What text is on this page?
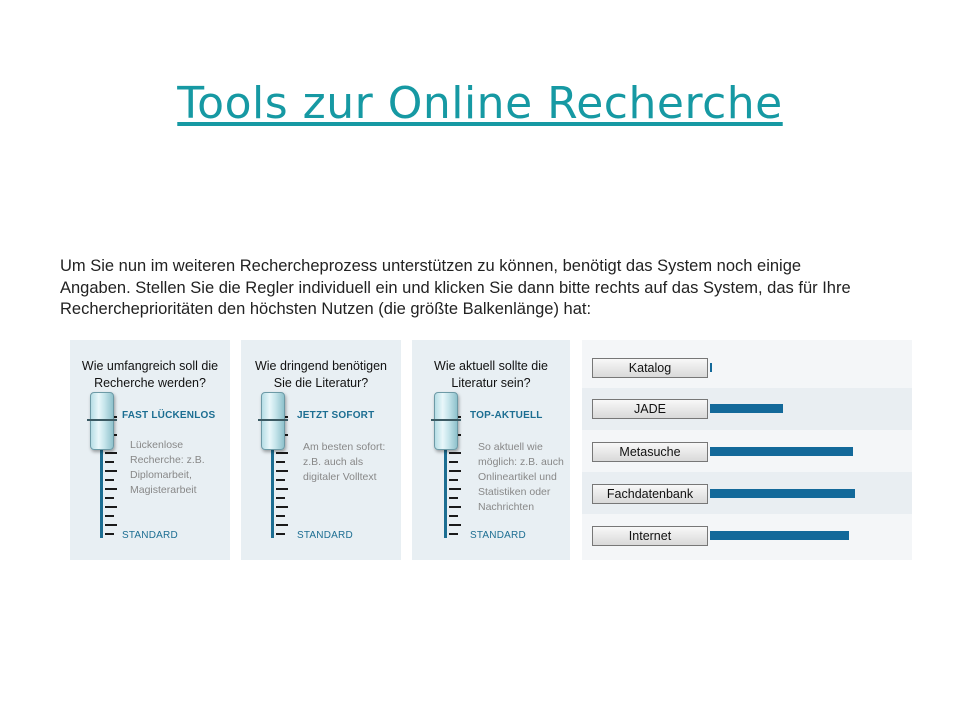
Tools zur Online Recherche
Um Sie nun im weiteren Rechercheprozess unterstützen zu können, benötigt das System noch einige
Angaben. Stellen Sie die Regler individuell ein und klicken Sie dann bitte rechts auf das System, das für Ihre
Rechercheprioritäten den höchsten Nutzen (die größte Balkenlänge) hat:
Wie umfangreich soll die
Recherche werden?
FAST LÜCKENLOS
Lückenlose
Recherche: z.B.
Diplomarbeit,
Magisterarbeit
STANDARD
Wie dringend benötigen
Sie die Literatur?
JETZT SOFORT
Am besten sofort:
z.B. auch als
digitaler Volltext
STANDARD
Wie aktuell sollte die
Literatur sein?
TOP-AKTUELL
So aktuell wie
möglich: z.B. auch
Onlineartikel und
Statistiken oder
Nachrichten
STANDARD
Katalog
JADE
Metasuche
Fachdatenbank
Internet
